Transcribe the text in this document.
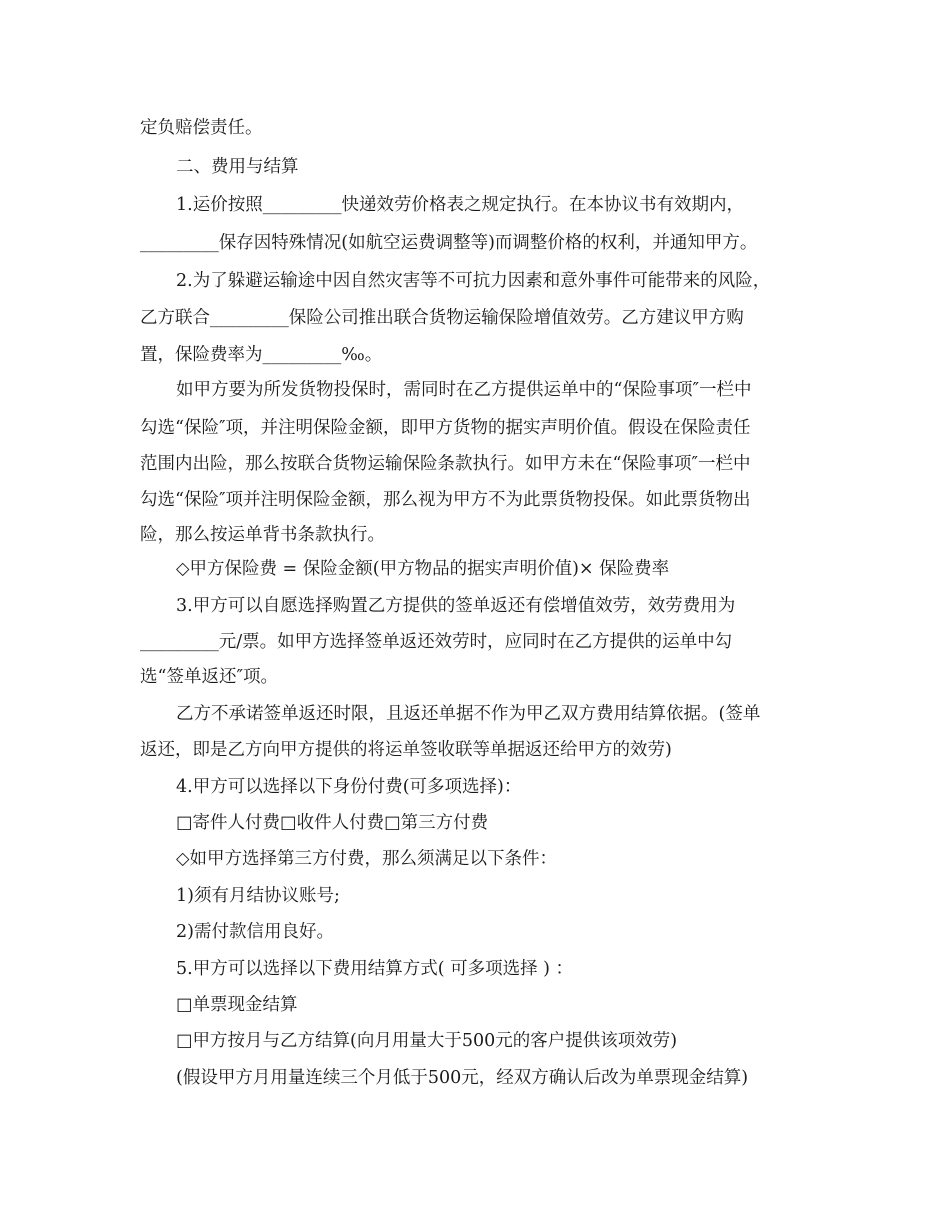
定负赔偿责任。

二、费用与结算

1.运价按照_________快递效劳价格表之规定执行。在本协议书有效期内，

_________保存因特殊情况(如航空运费调整等)而调整价格的权利，并通知甲方。

2.为了躲避运输途中因自然灾害等不可抗力因素和意外事件可能带来的风险，

乙方联合_________保险公司推出联合货物运输保险增值效劳。乙方建议甲方购

置，保险费率为_________‰。

如甲方要为所发货物投保时，需同时在乙方提供运单中的“保险事项″一栏中

勾选“保险″项，并注明保险金额，即甲方货物的据实声明价值。假设在保险责任

范围内出险，那么按联合货物运输保险条款执行。如甲方未在“保险事项″一栏中

勾选“保险″项并注明保险金额，那么视为甲方不为此票货物投保。如此票货物出

险，那么按运单背书条款执行。

◇甲方保险费 = 保险金额(甲方物品的据实声明价值)× 保险费率

3.甲方可以自愿选择购置乙方提供的签单返还有偿增值效劳，效劳费用为

_________元/票。如甲方选择签单返还效劳时，应同时在乙方提供的运单中勾

选“签单返还″项。

乙方不承诺签单返还时限，且返还单据不作为甲乙双方费用结算依据。(签单

返还，即是乙方向甲方提供的将运单签收联等单据返还给甲方的效劳)

4.甲方可以选择以下身份付费(可多项选择)：

□寄件人付费□收件人付费□第三方付费

◇如甲方选择第三方付费，那么须满足以下条件：

1)须有月结协议账号;

2)需付款信用良好。

5.甲方可以选择以下费用结算方式( 可多项选择 ) ：

□单票现金结算

□甲方按月与乙方结算(向月用量大于500元的客户提供该项效劳)

(假设甲方月用量连续三个月低于500元，经双方确认后改为单票现金结算)
